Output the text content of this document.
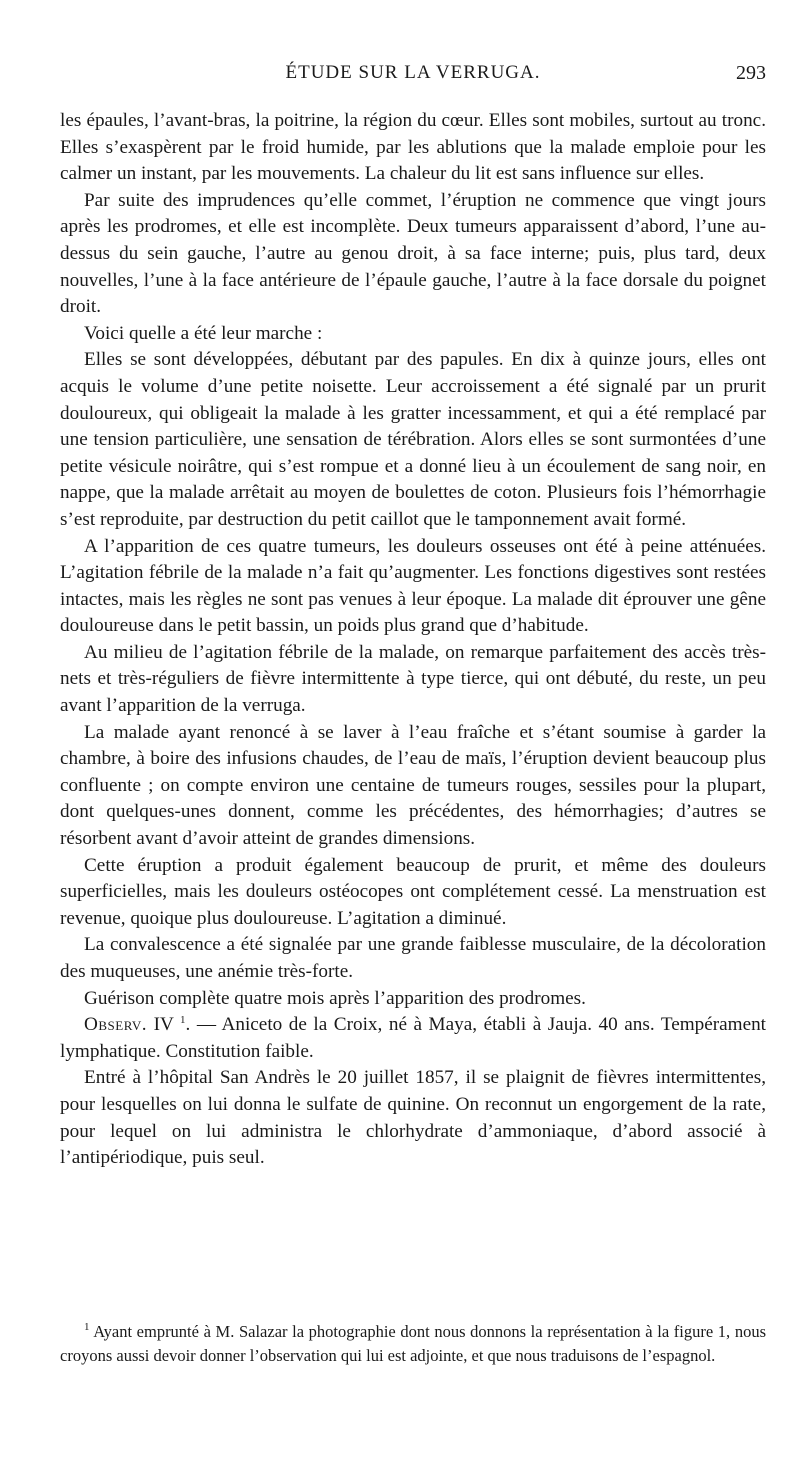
ÉTUDE SUR LA VERRUGA.	293

les épaules, l’avant-bras, la poitrine, la région du cœur. Elles sont mobiles, surtout au tronc. Elles s’exaspèrent par le froid humide, par les ablutions que la malade emploie pour les calmer un instant, par les mouvements. La chaleur du lit est sans influence sur elles.

Par suite des imprudences qu’elle commet, l’éruption ne commence que vingt jours après les prodromes, et elle est incomplète. Deux tumeurs apparaissent d’abord, l’une au-dessus du sein gauche, l’autre au genou droit, à sa face interne; puis, plus tard, deux nouvelles, l’une à la face antérieure de l’épaule gauche, l’autre à la face dorsale du poignet droit.

Voici quelle a été leur marche :

Elles se sont développées, débutant par des papules. En dix à quinze jours, elles ont acquis le volume d’une petite noisette. Leur accroissement a été signalé par un prurit douloureux, qui obligeait la malade à les gratter incessamment, et qui a été remplacé par une tension particulière, une sensation de térébration. Alors elles se sont surmontées d’une petite vésicule noirâtre, qui s’est rompue et a donné lieu à un écoulement de sang noir, en nappe, que la malade arrêtait au moyen de boulettes de coton. Plusieurs fois l’hémorrhagie s’est reproduite, par destruction du petit caillot que le tamponnement avait formé.

A l’apparition de ces quatre tumeurs, les douleurs osseuses ont été à peine atténuées. L’agitation fébrile de la malade n’a fait qu’augmenter. Les fonctions digestives sont restées intactes, mais les règles ne sont pas venues à leur époque. La malade dit éprouver une gêne douloureuse dans le petit bassin, un poids plus grand que d’habitude.

Au milieu de l’agitation fébrile de la malade, on remarque parfaitement des accès très-nets et très-réguliers de fièvre intermittente à type tierce, qui ont débuté, du reste, un peu avant l’apparition de la verruga.

La malade ayant renoncé à se laver à l’eau fraîche et s’étant soumise à garder la chambre, à boire des infusions chaudes, de l’eau de maïs, l’éruption devient beaucoup plus confluente ; on compte environ une centaine de tumeurs rouges, sessiles pour la plupart, dont quelques-unes donnent, comme les précédentes, des hémorrhagies; d’autres se résorbent avant d’avoir atteint de grandes dimensions.

Cette éruption a produit également beaucoup de prurit, et même des douleurs superficielles, mais les douleurs ostéocopes ont complétement cessé. La menstruation est revenue, quoique plus douloureuse. L’agitation a diminué.

La convalescence a été signalée par une grande faiblesse musculaire, de la décoloration des muqueuses, une anémie très-forte.

Guérison complète quatre mois après l’apparition des prodromes.

Observ. IV $^1$. — Aniceto de la Croix, né à Maya, établi à Jauja. 40 ans. Tempérament lymphatique. Constitution faible.

Entré à l’hôpital San Andrès le 20 juillet 1857, il se plaignit de fièvres intermittentes, pour lesquelles on lui donna le sulfate de quinine. On reconnut un engorgement de la rate, pour lequel on lui administra le chlorhydrate d’ammoniaque, d’abord associé à l’antipériodique, puis seul.

$^1$ Ayant emprunté à M. Salazar la photographie dont nous donnons la représentation à la figure 1, nous croyons aussi devoir donner l’observation qui lui est adjointe, et que nous traduisons de l’espagnol.
